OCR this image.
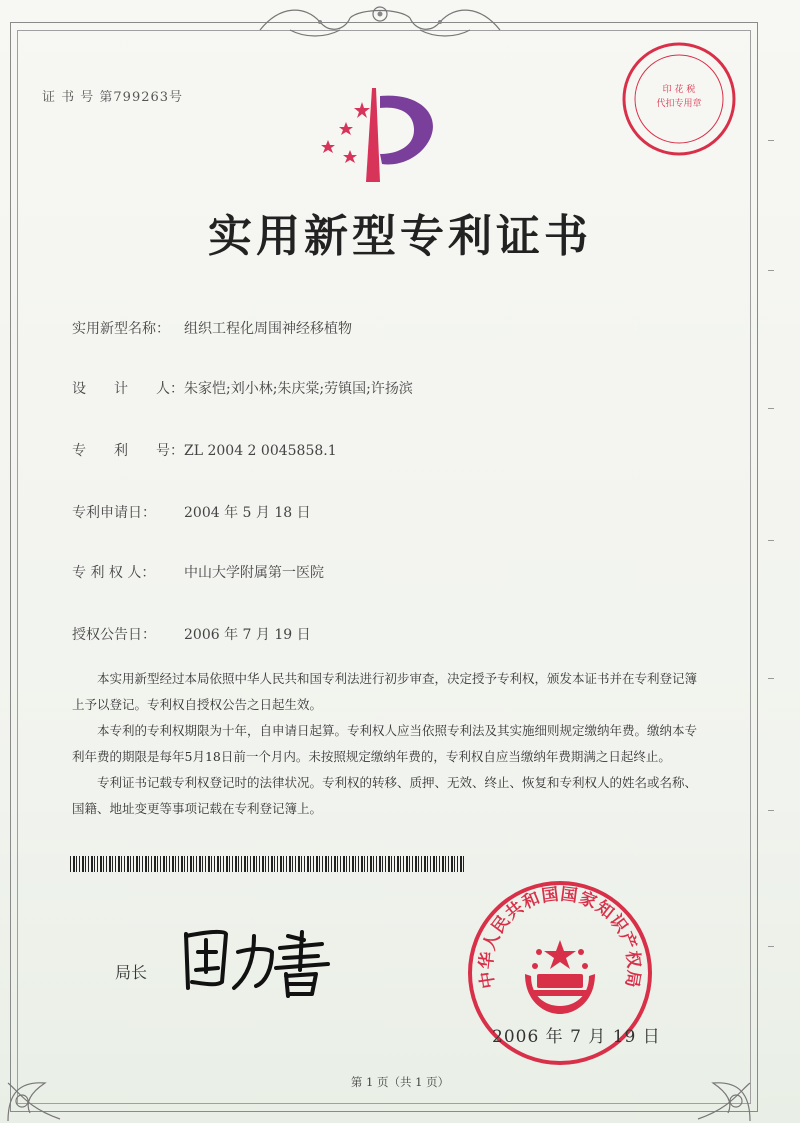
证 书 号 第799263号	印 花 税
代扣专用章
实用新型专利证书
实用新型名称： 组织工程化周围神经移植物
设　　计　　人：朱家恺;刘小林;朱庆棠;劳镇国;许扬滨
专　　利　　号：ZL 2004 2 0045858.1
专利申请日： 2004 年 5 月 18 日
专 利 权 人： 中山大学附属第一医院
授权公告日： 2006 年 7 月 19 日

本实用新型经过本局依照中华人民共和国专利法进行初步审查，决定授予专利权，颁发本证书并在专利登记簿上予以登记。专利权自授权公告之日起生效。

本专利的专利权期限为十年，自申请日起算。专利权人应当依照专利法及其实施细则规定缴纳年费。缴纳本专利年费的期限是每年5月18日前一个月内。未按照规定缴纳年费的，专利权自应当缴纳年费期满之日起终止。

专利证书记载专利权登记时的法律状况。专利权的转移、质押、无效、终止、恢复和专利权人的姓名或名称、国籍、地址变更等事项记载在专利登记簿上。

局长	中华人民共和国国家知识产权局
2006 年 7 月 19 日
第 1 页（共 1 页）
